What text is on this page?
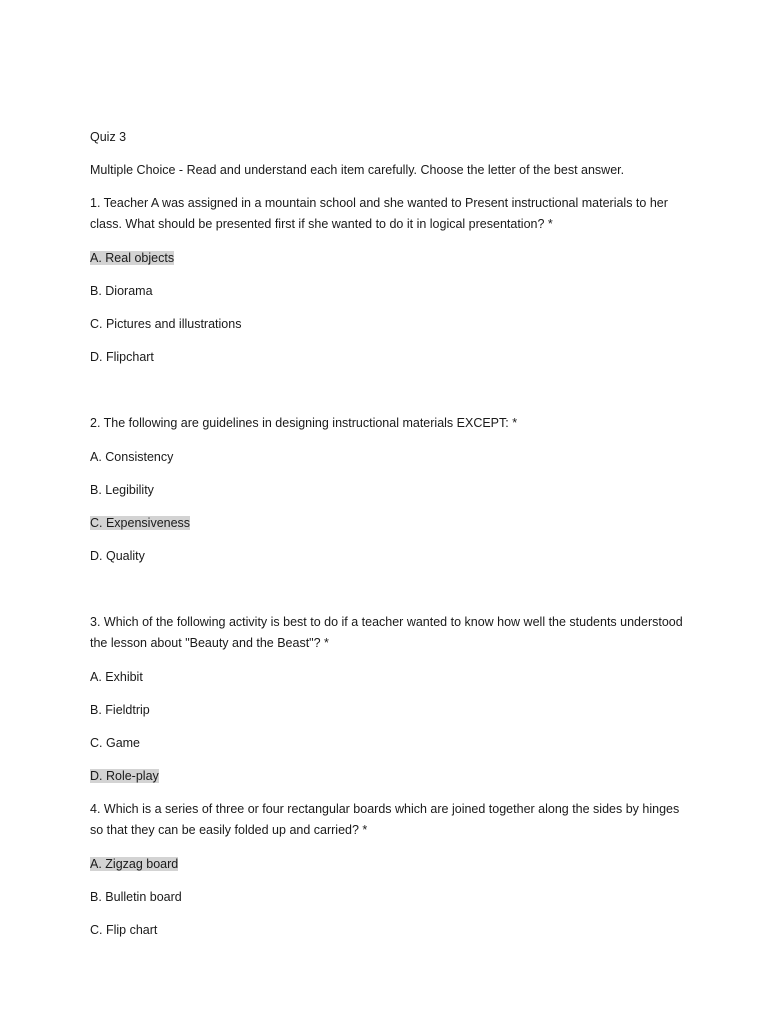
Quiz 3
Multiple Choice - Read and understand each item carefully. Choose the letter of the best answer.
1. Teacher A was assigned in a mountain school and she wanted to Present instructional materials to her class. What should be presented first if she wanted to do it in logical presentation? *
A. Real objects
B. Diorama
C. Pictures and illustrations
D. Flipchart
2. The following are guidelines in designing instructional materials EXCEPT: *
A. Consistency
B. Legibility
C. Expensiveness
D. Quality
3. Which of the following activity is best to do if a teacher wanted to know how well the students understood the lesson about "Beauty and the Beast"? *
A. Exhibit
B. Fieldtrip
C. Game
D. Role-play
4. Which is a series of three or four rectangular boards which are joined together along the sides by hinges so that they can be easily folded up and carried? *
A. Zigzag board
B. Bulletin board
C. Flip chart
